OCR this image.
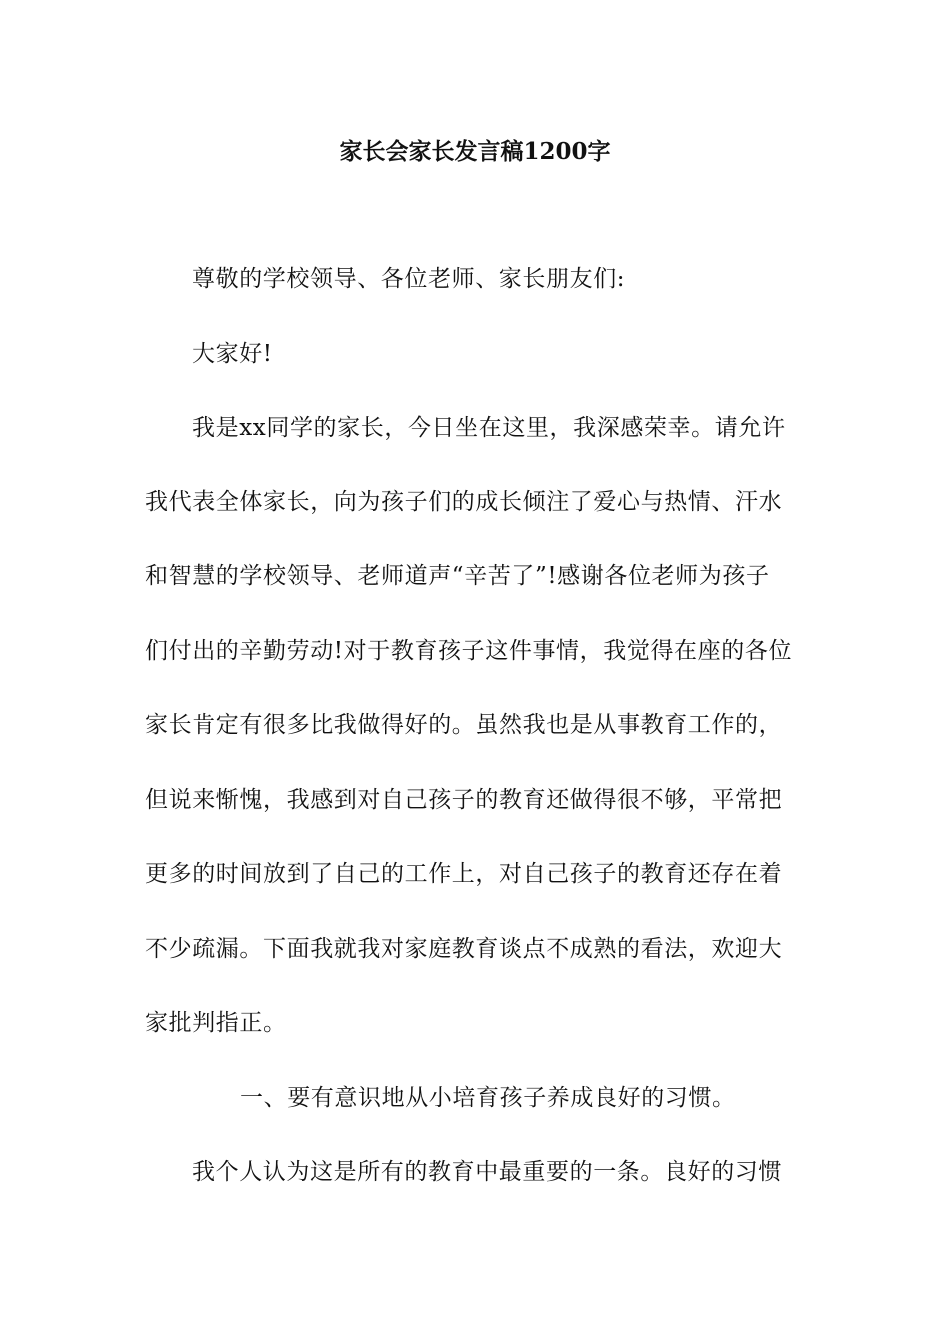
家长会家长发言稿1200字
尊敬的学校领导、各位老师、家长朋友们:
大家好!
我是xx同学的家长，今日坐在这里，我深感荣幸。请允许
我代表全体家长，向为孩子们的成长倾注了爱心与热情、汗水
和智慧的学校领导、老师道声“辛苦了”!感谢各位老师为孩子
们付出的辛勤劳动!对于教育孩子这件事情，我觉得在座的各位
家长肯定有很多比我做得好的。虽然我也是从事教育工作的，
但说来惭愧，我感到对自己孩子的教育还做得很不够，平常把
更多的时间放到了自己的工作上，对自己孩子的教育还存在着
不少疏漏。下面我就我对家庭教育谈点不成熟的看法，欢迎大
家批判指正。
一、要有意识地从小培育孩子养成良好的习惯。
我个人认为这是所有的教育中最重要的一条。良好的习惯
